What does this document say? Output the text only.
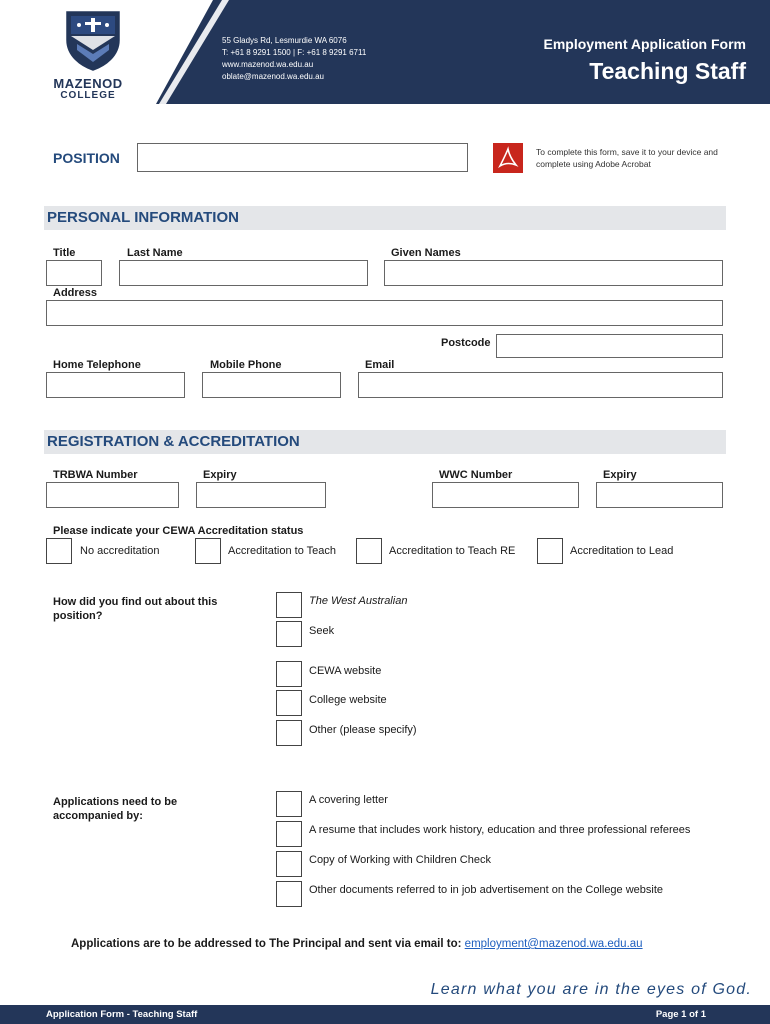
MAZENOD
COLLEGE
55 Gladys Rd, Lesmurdie WA 6076
T: +61 8 9291 1500 | F: +61 8 9291 6711
www.mazenod.wa.edu.au
oblate@mazenod.wa.edu.au
Employment Application Form
Teaching Staff
POSITION	To complete this form, save it to your device and complete using Adobe Acrobat
PERSONAL INFORMATION
Title	Last Name	Given Names
Address
Postcode
Home Telephone	Mobile Phone	Email
REGISTRATION & ACCREDITATION
TRBWA Number	Expiry	WWC Number	Expiry
Please indicate your CEWA Accreditation status
No accreditation	Accreditation to Teach	Accreditation to Teach RE	Accreditation to Lead
How did you find out about this position?
The West Australian
Seek
CEWA website
College website
Other (please specify)
Applications need to be accompanied by:
A covering letter
A resume that includes work history, education and three professional referees
Copy of Working with Children Check
Other documents referred to in job advertisement on the College website
Applications are to be addressed to The Principal and sent via email to: employment@mazenod.wa.edu.au
Learn what you are in the eyes of God.
Application Form - Teaching Staff	Page 1 of 1
